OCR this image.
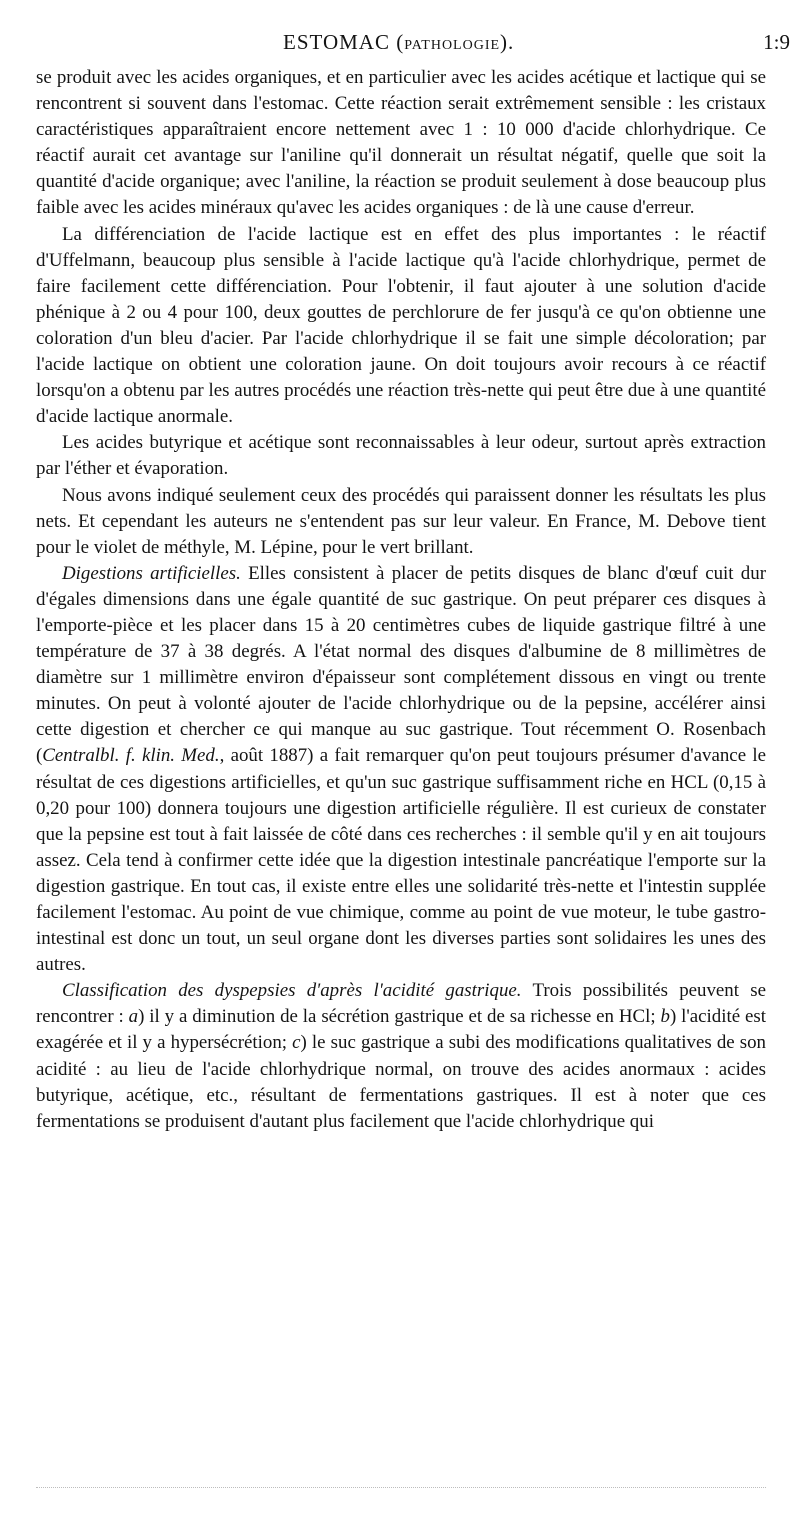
ESTOMAC (PATHOLOGIE).	1:9

se produit avec les acides organiques, et en particulier avec les acides acétique et lactique qui se rencontrent si souvent dans l'estomac. Cette réaction serait extrêmement sensible : les cristaux caractéristiques apparaîtraient encore nettement avec 1 : 10 000 d'acide chlorhydrique. Ce réactif aurait cet avantage sur l'aniline qu'il donnerait un résultat négatif, quelle que soit la quantité d'acide organique; avec l'aniline, la réaction se produit seulement à dose beaucoup plus faible avec les acides minéraux qu'avec les acides organiques : de là une cause d'erreur.

La différenciation de l'acide lactique est en effet des plus importantes : le réactif d'Uffelmann, beaucoup plus sensible à l'acide lactique qu'à l'acide chlorhydrique, permet de faire facilement cette différenciation. Pour l'obtenir, il faut ajouter à une solution d'acide phénique à 2 ou 4 pour 100, deux gouttes de perchlorure de fer jusqu'à ce qu'on obtienne une coloration d'un bleu d'acier. Par l'acide chlorhydrique il se fait une simple décoloration; par l'acide lactique on obtient une coloration jaune. On doit toujours avoir recours à ce réactif lorsqu'on a obtenu par les autres procédés une réaction très-nette qui peut être due à une quantité d'acide lactique anormale.

Les acides butyrique et acétique sont reconnaissables à leur odeur, surtout après extraction par l'éther et évaporation.

Nous avons indiqué seulement ceux des procédés qui paraissent donner les résultats les plus nets. Et cependant les auteurs ne s'entendent pas sur leur valeur. En France, M. Debove tient pour le violet de méthyle, M. Lépine, pour le vert brillant.

Digestions artificielles. Elles consistent à placer de petits disques de blanc d'œuf cuit dur d'égales dimensions dans une égale quantité de suc gastrique. On peut préparer ces disques à l'emporte-pièce et les placer dans 15 à 20 centimètres cubes de liquide gastrique filtré à une température de 37 à 38 degrés. A l'état normal des disques d'albumine de 8 millimètres de diamètre sur 1 millimètre environ d'épaisseur sont complétement dissous en vingt ou trente minutes. On peut à volonté ajouter de l'acide chlorhydrique ou de la pepsine, accélérer ainsi cette digestion et chercher ce qui manque au suc gastrique. Tout récemment O. Rosenbach (Centralbl. f. klin. Med., août 1887) a fait remarquer qu'on peut toujours présumer d'avance le résultat de ces digestions artificielles, et qu'un suc gastrique suffisamment riche en HCL (0,15 à 0,20 pour 100) donnera toujours une digestion artificielle régulière. Il est curieux de constater que la pepsine est tout à fait laissée de côté dans ces recherches : il semble qu'il y en ait toujours assez. Cela tend à confirmer cette idée que la digestion intestinale pancréatique l'emporte sur la digestion gastrique. En tout cas, il existe entre elles une solidarité très-nette et l'intestin supplée facilement l'estomac. Au point de vue chimique, comme au point de vue moteur, le tube gastro-intestinal est donc un tout, un seul organe dont les diverses parties sont solidaires les unes des autres.

Classification des dyspepsies d'après l'acidité gastrique. Trois possibilités peuvent se rencontrer : a) il y a diminution de la sécrétion gastrique et de sa richesse en HCl; b) l'acidité est exagérée et il y a hypersécrétion; c) le suc gastrique a subi des modifications qualitatives de son acidité : au lieu de l'acide chlorhydrique normal, on trouve des acides anormaux : acides butyrique, acétique, etc., résultant de fermentations gastriques. Il est à noter que ces fermentations se produisent d'autant plus facilement que l'acide chlorhydrique qui
